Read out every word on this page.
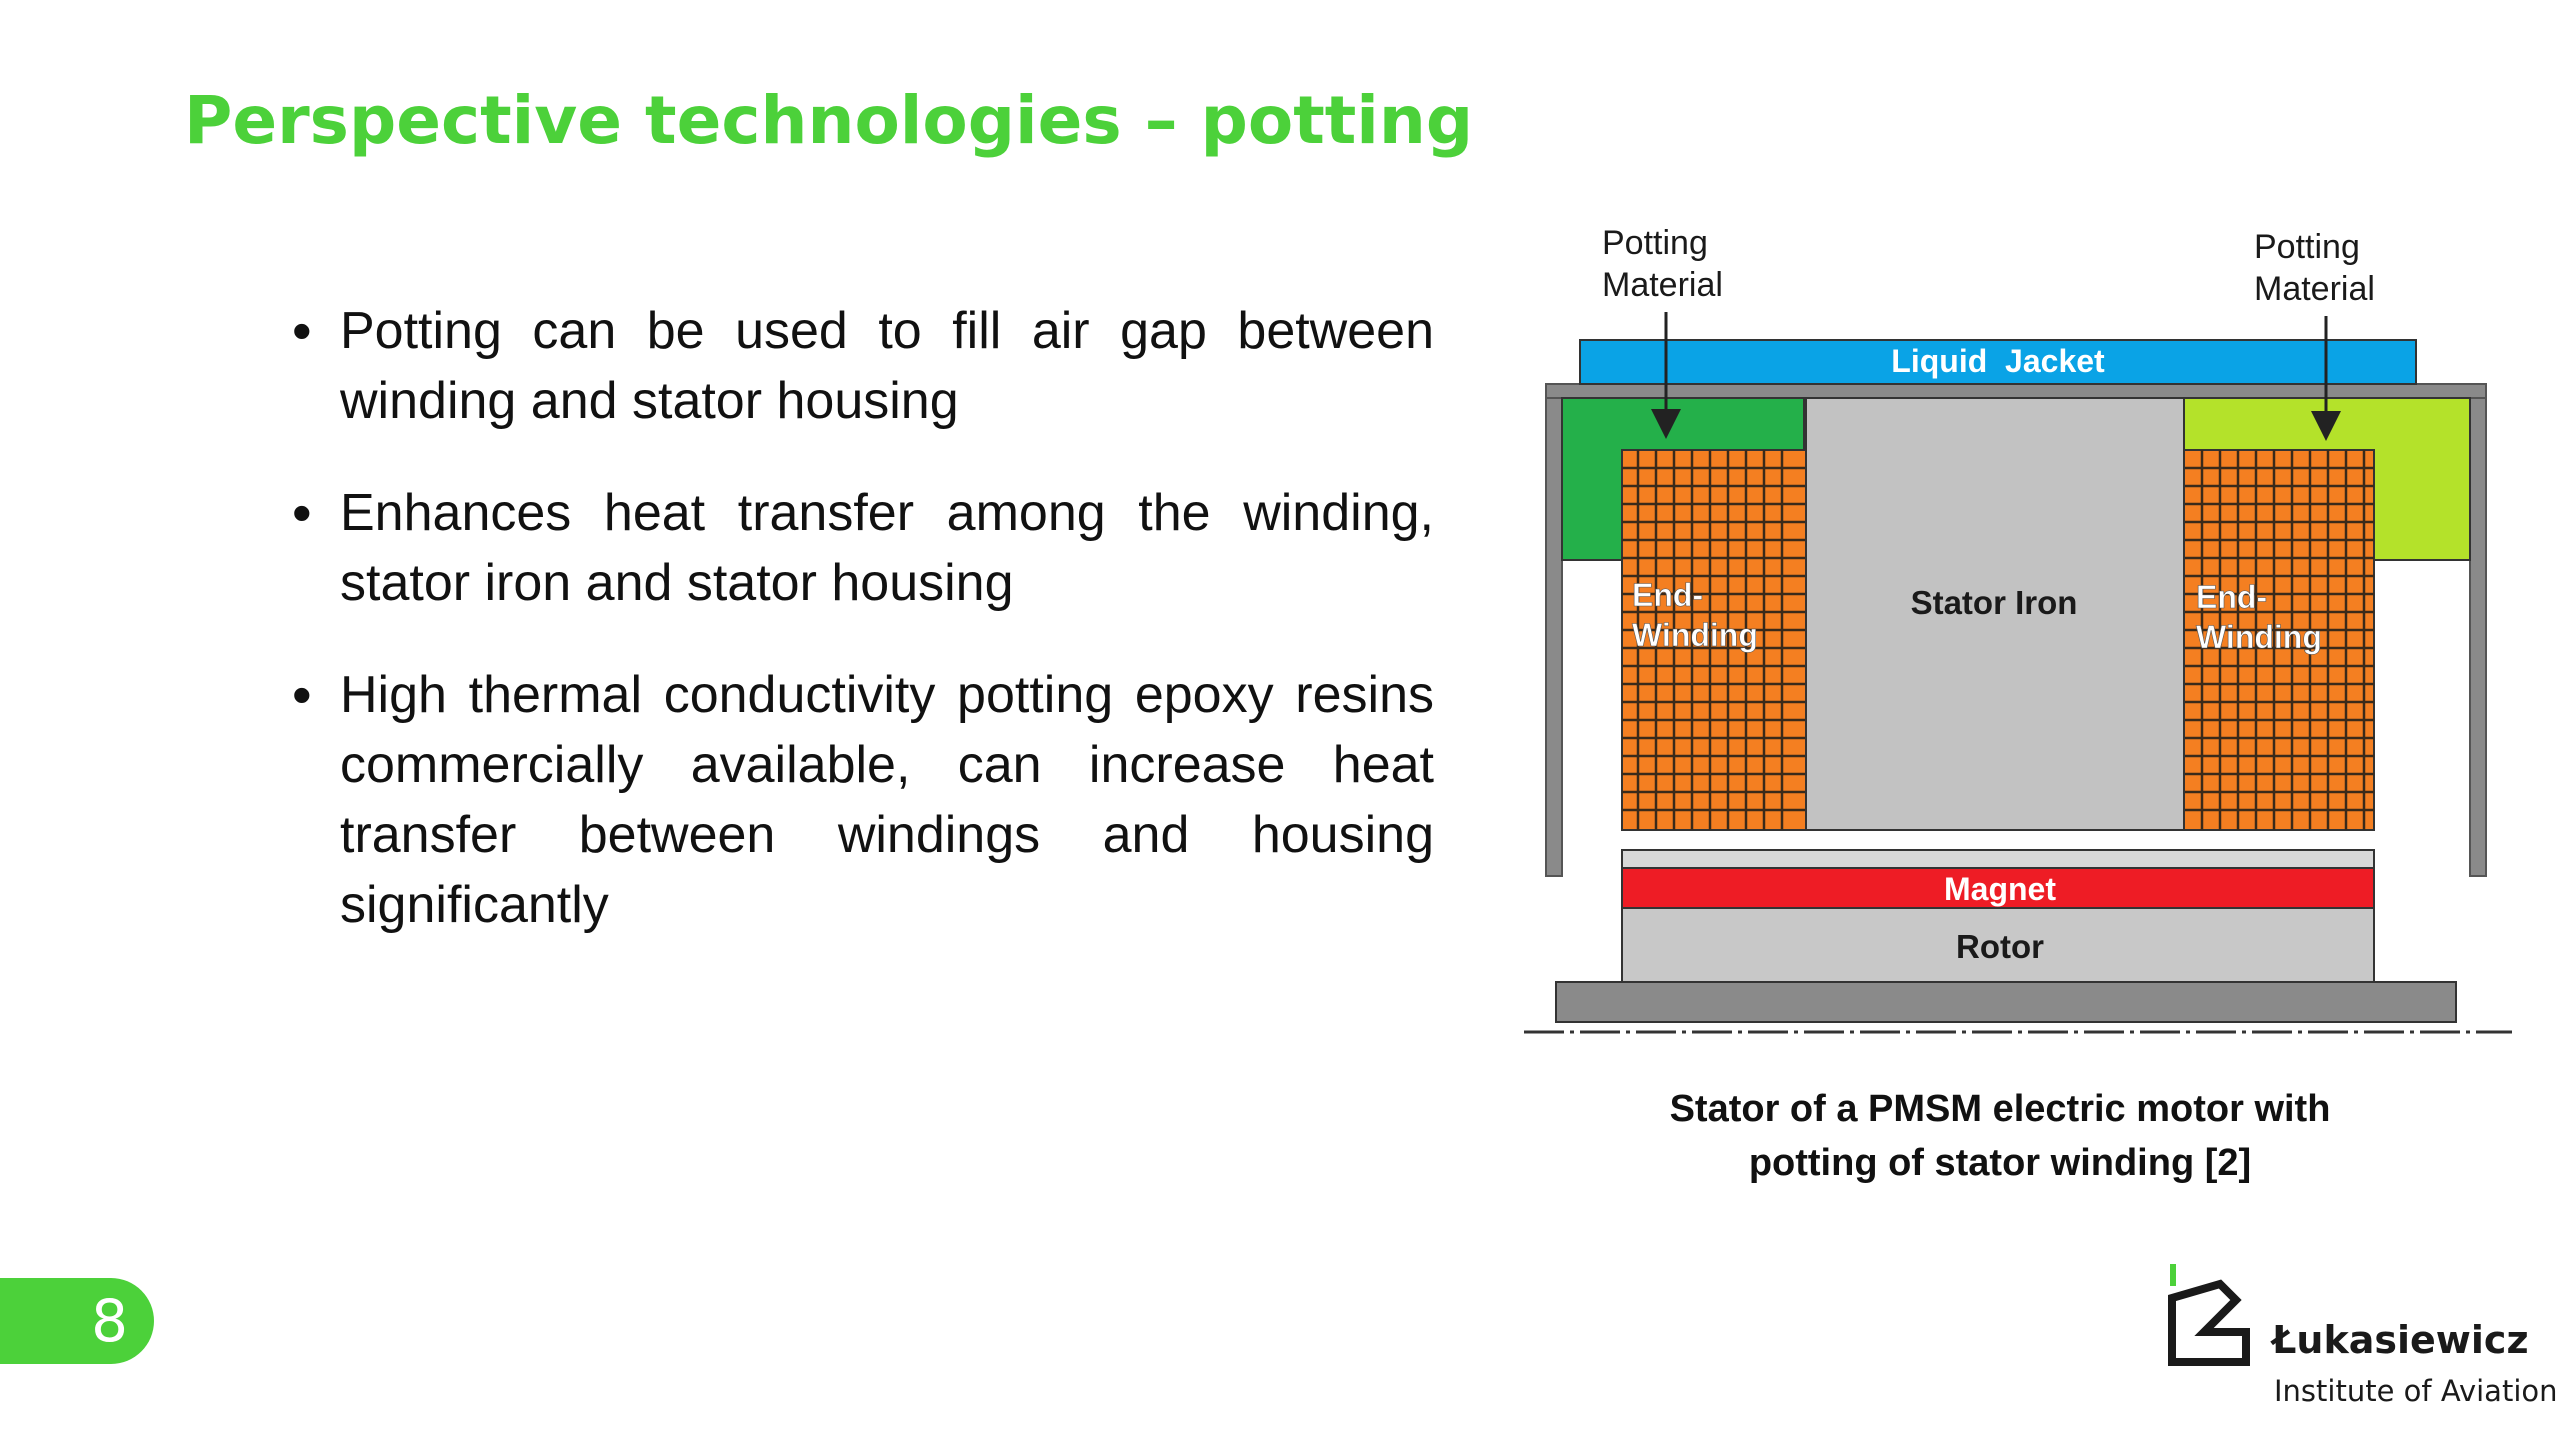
Perspective technologies – potting
• Potting can be used to fill air gap between winding and stator housing
• Enhances heat transfer among the winding, stator iron and stator housing
• High thermal conductivity potting epoxy resins commercially available, can increase heat transfer between windings and housing significantly
Liquid  Jacket
Stator Iron
End- Winding
End- Winding
Magnet
Rotor
Potting Material
Potting Material
Stator of a PMSM electric motor with
potting of stator winding [2]
8	Łukasiewicz
Institute of Aviation
